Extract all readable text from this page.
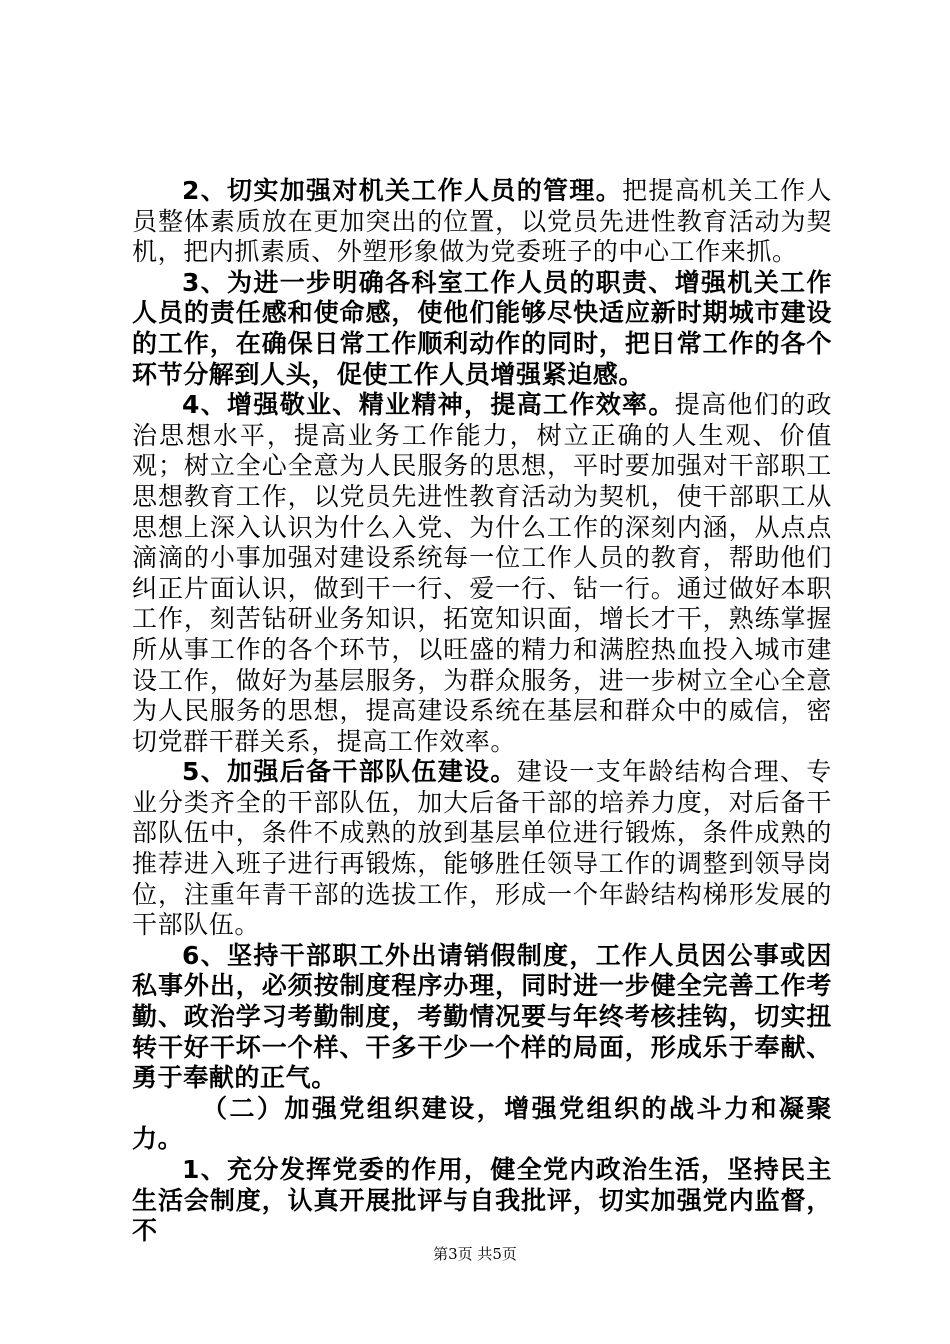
2、切实加强对机关工作人员的管理。把提高机关工作人员整体素质放在更加突出的位置，以党员先进性教育活动为契机，把内抓素质、外塑形象做为党委班子的中心工作来抓。

3、为进一步明确各科室工作人员的职责、增强机关工作人员的责任感和使命感，使他们能够尽快适应新时期城市建设的工作，在确保日常工作顺利动作的同时，把日常工作的各个环节分解到人头，促使工作人员增强紧迫感。

4、增强敬业、精业精神，提高工作效率。提高他们的政治思想水平，提高业务工作能力，树立正确的人生观、价值观；树立全心全意为人民服务的思想，平时要加强对干部职工思想教育工作，以党员先进性教育活动为契机，使干部职工从思想上深入认识为什么入党、为什么工作的深刻内涵，从点点滴滴的小事加强对建设系统每一位工作人员的教育，帮助他们纠正片面认识，做到干一行、爱一行、钻一行。通过做好本职工作，刻苦钻研业务知识，拓宽知识面，增长才干，熟练掌握所从事工作的各个环节，以旺盛的精力和满腔热血投入城市建设工作，做好为基层服务，为群众服务，进一步树立全心全意为人民服务的思想，提高建设系统在基层和群众中的威信，密切党群干群关系，提高工作效率。

5、加强后备干部队伍建设。建设一支年龄结构合理、专业分类齐全的干部队伍，加大后备干部的培养力度，对后备干部队伍中，条件不成熟的放到基层单位进行锻炼，条件成熟的推荐进入班子进行再锻炼，能够胜任领导工作的调整到领导岗位，注重年青干部的选拔工作，形成一个年龄结构梯形发展的干部队伍。

6、坚持干部职工外出请销假制度，工作人员因公事或因私事外出，必须按制度程序办理，同时进一步健全完善工作考勤、政治学习考勤制度，考勤情况要与年终考核挂钩，切实扭转干好干坏一个样、干多干少一个样的局面，形成乐于奉献、勇于奉献的正气。

（二）加强党组织建设，增强党组织的战斗力和凝聚力。

1、充分发挥党委的作用，健全党内政治生活，坚持民主生活会制度，认真开展批评与自我批评，切实加强党内监督，不

第3页 共5页
